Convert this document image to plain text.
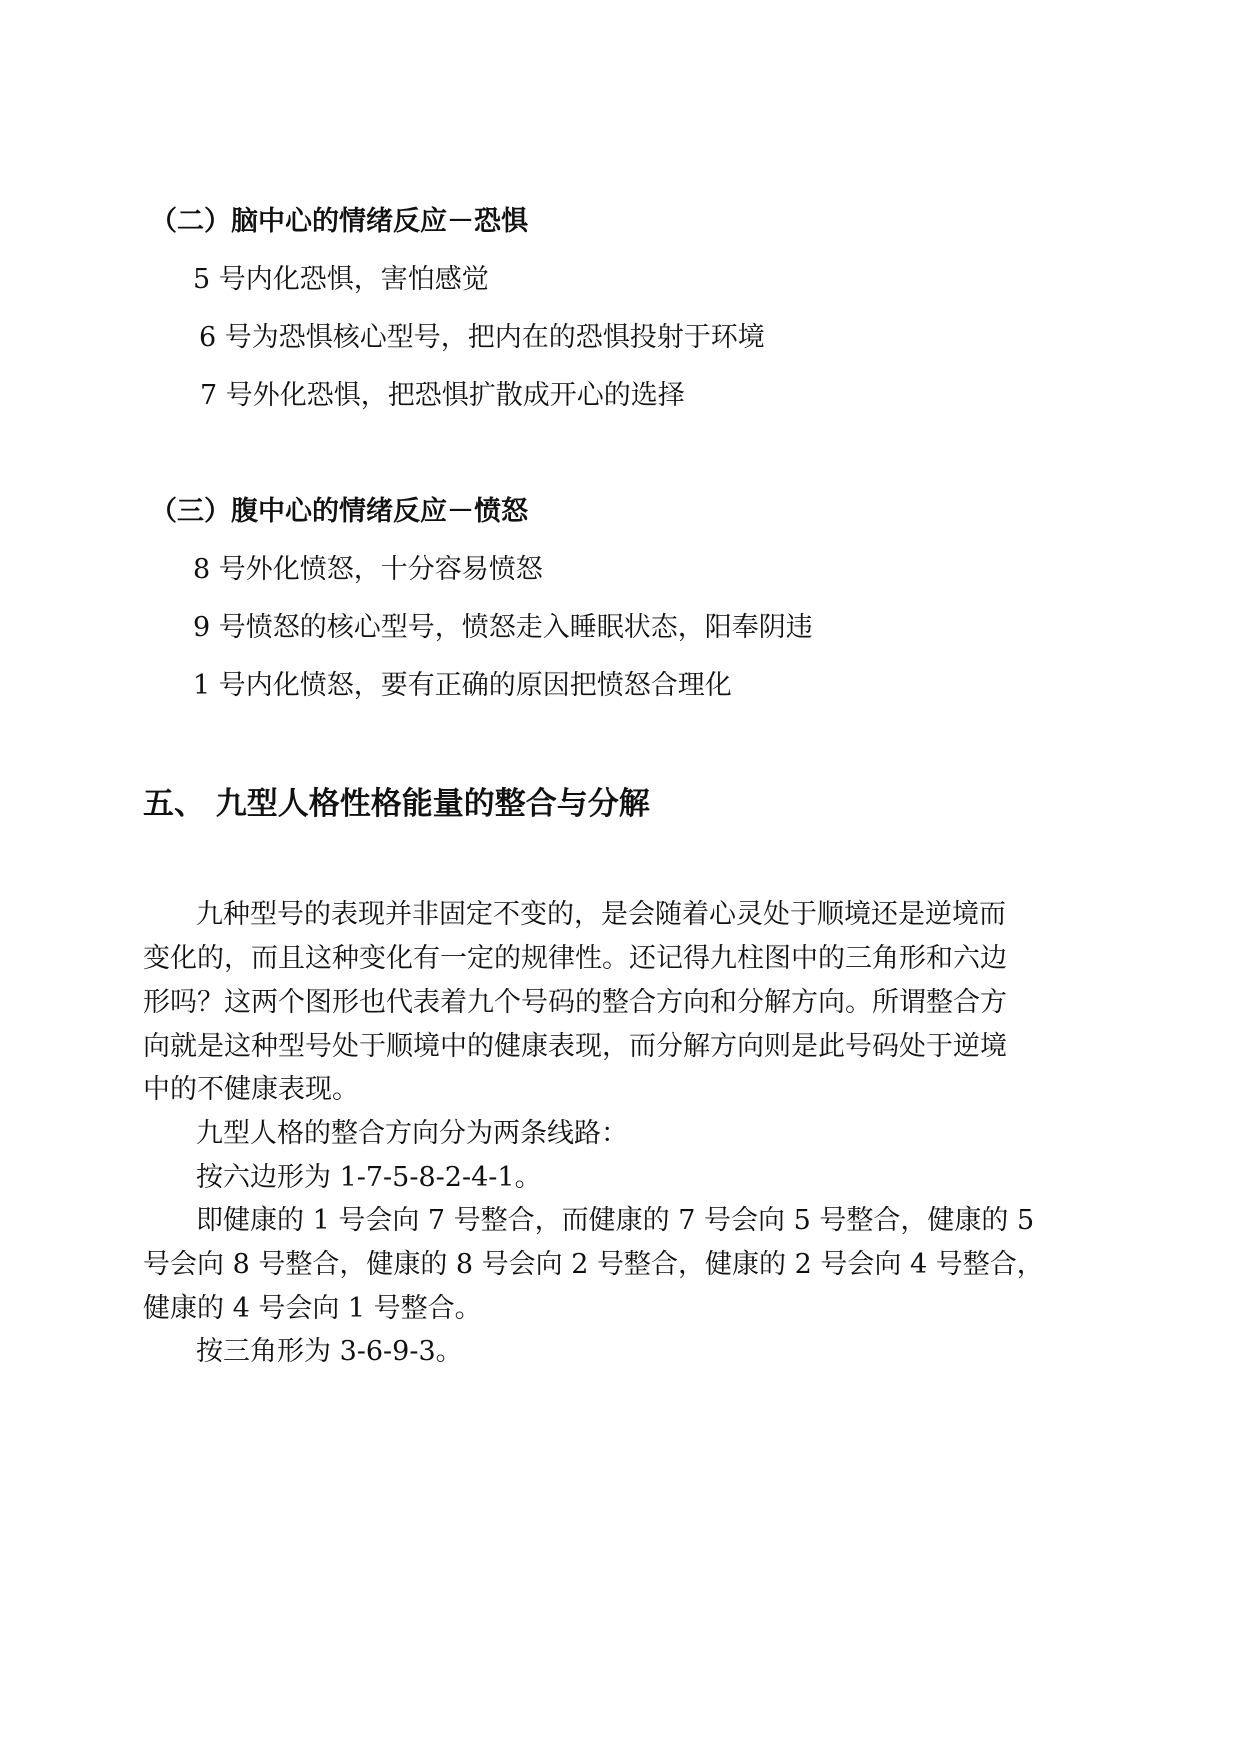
（二）脑中心的情绪反应－恐惧
5 号内化恐惧，害怕感觉
6 号为恐惧核心型号，把内在的恐惧投射于环境
7 号外化恐惧，把恐惧扩散成开心的选择
（三）腹中心的情绪反应－愤怒
8 号外化愤怒，十分容易愤怒
9 号愤怒的核心型号，愤怒走入睡眠状态，阳奉阴违
1 号内化愤怒，要有正确的原因把愤怒合理化
五、 九型人格性格能量的整合与分解
九种型号的表现并非固定不变的，是会随着心灵处于顺境还是逆境而
变化的，而且这种变化有一定的规律性。还记得九柱图中的三角形和六边
形吗？这两个图形也代表着九个号码的整合方向和分解方向。所谓整合方
向就是这种型号处于顺境中的健康表现，而分解方向则是此号码处于逆境
中的不健康表现。
九型人格的整合方向分为两条线路：
按六边形为 1-7-5-8-2-4-1。
即健康的 1 号会向 7 号整合，而健康的 7 号会向 5 号整合，健康的 5
号会向 8 号整合，健康的 8 号会向 2 号整合，健康的 2 号会向 4 号整合，
健康的 4 号会向 1 号整合。
按三角形为 3-6-9-3。
